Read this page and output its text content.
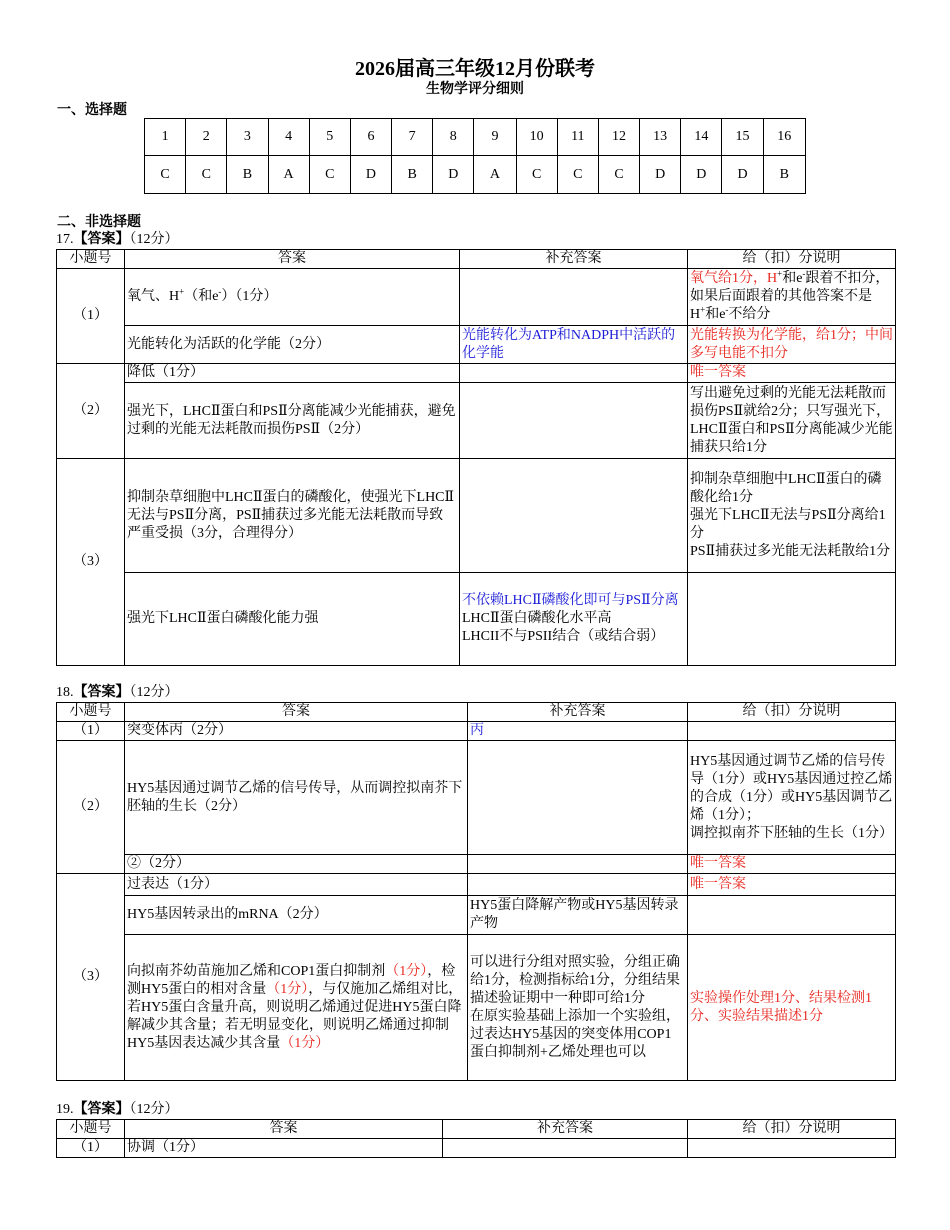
2026届高三年级12月份联考
生物学评分细则
一、选择题
1	2	3	4	5	6	7	8	9	10	11	12	13	14	15	16
C	C	B	A	C	D	B	D	A	C	C	C	D	D	D	B
二、非选择题
17.【答案】（12分）
小题号	答案	补充答案	给（扣）分说明
（1）	氧气、H+（和e-）（1分）		氧气给1分，H+和e-跟着不扣分，如果后面跟着的其他答案不是H+和e-不给分
	光能转化为活跃的化学能（2分）	光能转化为ATP和NADPH中活跃的化学能	光能转换为化学能，给1分；中间多写电能不扣分
（2）	降低（1分）		唯一答案
	强光下，LHCⅡ蛋白和PSⅡ分离能减少光能捕获，避免过剩的光能无法耗散而损伤PSⅡ（2分）		写出避免过剩的光能无法耗散而损伤PSⅡ就给2分；只写强光下，LHCⅡ蛋白和PSⅡ分离能减少光能捕获只给1分
（3）	抑制杂草细胞中LHCⅡ蛋白的磷酸化，使强光下LHCⅡ无法与PSⅡ分离，PSⅡ捕获过多光能无法耗散而导致严重受损（3分，合理得分）		抑制杂草细胞中LHCⅡ蛋白的磷酸化给1分
强光下LHCⅡ无法与PSⅡ分离给1分
PSⅡ捕获过多光能无法耗散给1分

	强光下LHCⅡ蛋白磷酸化能力强	不依赖LHCⅡ磷酸化即可与PSⅡ分离
LHCⅡ蛋白磷酸化水平高
LHCII不与PSII结合（或结合弱）	

18.【答案】（12分）
小题号	答案	补充答案	给（扣）分说明
（1）	突变体丙（2分）	丙	
（2）	HY5基因通过调节乙烯的信号传导，从而调控拟南芥下胚轴的生长（2分）		HY5基因通过调节乙烯的信号传导（1分）或HY5基因通过控乙烯的合成（1分）或HY5基因调节乙烯（1分）；
调控拟南芥下胚轴的生长（1分）

	②（2分）		唯一答案
（3）	过表达（1分）		唯一答案
	HY5基因转录出的mRNA（2分）	HY5蛋白降解产物或HY5基因转录产物	
	向拟南芥幼苗施加乙烯和COP1蛋白抑制剂（1分），检测HY5蛋白的相对含量（1分），与仅施加乙烯组对比，若HY5蛋白含量升高，则说明乙烯通过促进HY5蛋白降解减少其含量；若无明显变化，则说明乙烯通过抑制HY5基因表达减少其含量（1分）	可以进行分组对照实验，分组正确给1分，检测指标给1分，分组结果描述验证期中一种即可给1分
在原实验基础上添加一个实验组，过表达HY5基因的突变体用COP1蛋白抑制剂+乙烯处理也可以	实验操作处理1分、结果检测1分、实验结果描述1分
19.【答案】（12分）
小题号	答案	补充答案	给（扣）分说明
（1）	协调（1分）		
